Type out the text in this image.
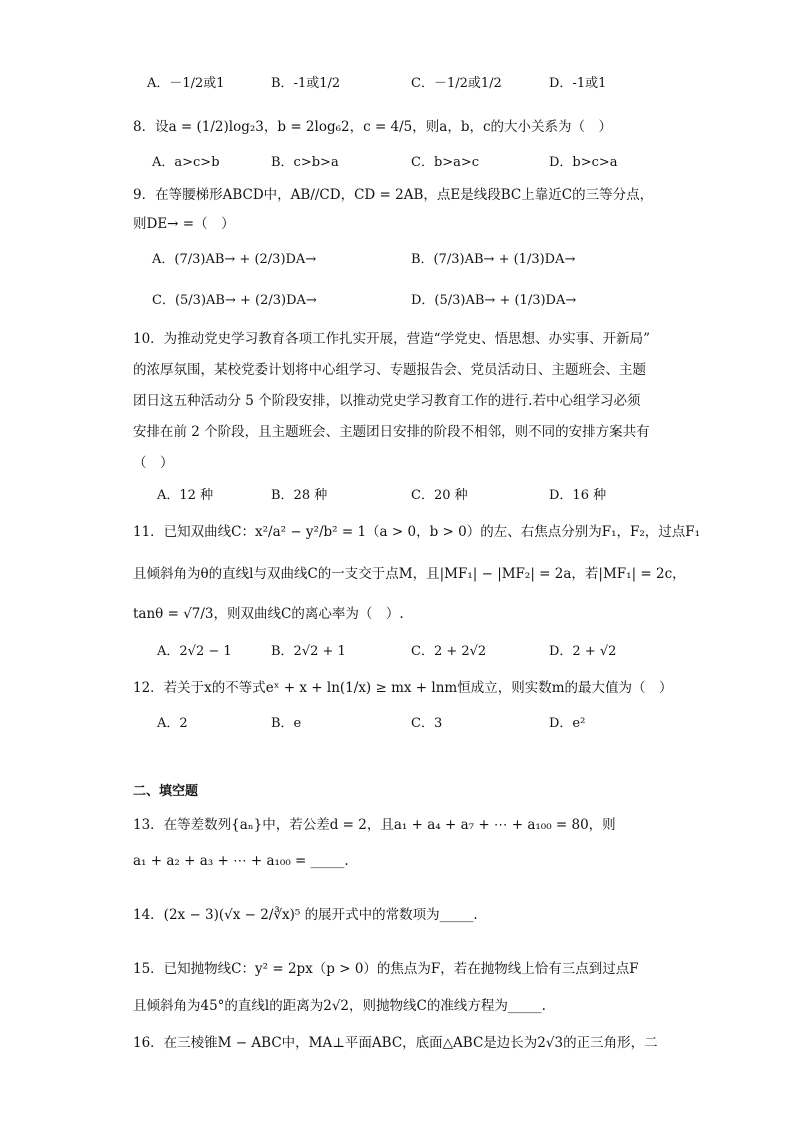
A．－1/2或1	B．-1或1/2	C．－1/2或1/2	D．-1或1
8．设a = (1/2)log₂3，b = 2log₆2，c = 4/5，则a，b，c的大小关系为（　）
A．a>c>b	B．c>b>a	C．b>a>c	D．b>c>a
9．在等腰梯形ABCD中，AB//CD，CD = 2AB，点E是线段BC上靠近C的三等分点，
则DE→ =（　）
A．(7/3)AB→ + (2/3)DA→	B．(7/3)AB→ + (1/3)DA→
C．(5/3)AB→ + (2/3)DA→	D．(5/3)AB→ + (1/3)DA→
10．为推动党史学习教育各项工作扎实开展，营造“学党史、悟思想、办实事、开新局”
的浓厚氛围，某校党委计划将中心组学习、专题报告会、党员活动日、主题班会、主题
团日这五种活动分 5 个阶段安排，以推动党史学习教育工作的进行.若中心组学习必须
安排在前 2 个阶段，且主题班会、主题团日安排的阶段不相邻，则不同的安排方案共有
（　）
A．12 种	B．28 种	C．20 种	D．16 种
11．已知双曲线C：x²/a² − y²/b² = 1（a > 0，b > 0）的左、右焦点分别为F₁，F₂，过点F₁
且倾斜角为θ的直线l与双曲线C的一支交于点M，且|MF₁| − |MF₂| = 2a，若|MF₁| = 2c，
tanθ = √7/3，则双曲线C的离心率为（　）.
A．2√2 − 1	B．2√2 + 1	C．2 + 2√2	D．2 + √2
12．若关于x的不等式eˣ + x + ln(1/x) ≥ mx + lnm恒成立，则实数m的最大值为（　）
A．2	B．e	C．3	D．e²
二、填空题
13．在等差数列{aₙ}中，若公差d = 2，且a₁ + a₄ + a₇ + ⋯ + a₁₀₀ = 80，则
a₁ + a₂ + a₃ + ⋯ + a₁₀₀ = _____.
14．(2x − 3)(√x − 2/∛x)⁵ 的展开式中的常数项为_____.
15．已知抛物线C：y² = 2px（p > 0）的焦点为F，若在抛物线上恰有三点到过点F
且倾斜角为45°的直线l的距离为2√2，则抛物线C的准线方程为_____.
16．在三棱锥M − ABC中，MA⊥平面ABC，底面△ABC是边长为2√3的正三角形，二
